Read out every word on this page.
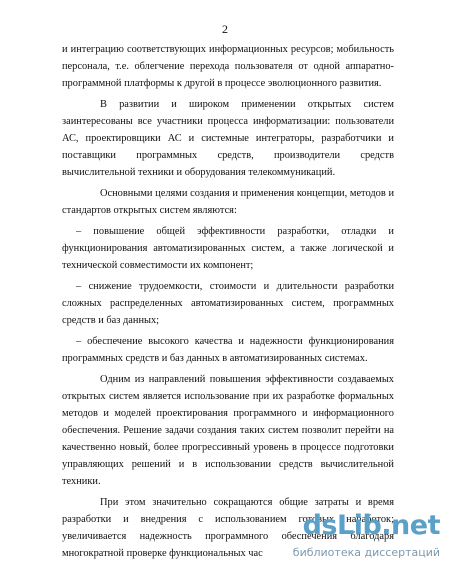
2
и интеграцию соответствующих информационных ресурсов; мобильность
персонала, т.е. облегчение перехода пользователя от одной аппаратно-
программной платформы к другой в процессе эволюционного развития.
В развитии и широком применении открытых систем
заинтересованы все участники процесса информатизации: пользователи
АС, проектировщики АС и системные интеграторы, разработчики и
поставщики программных средств, производители средств
вычислительной техники и оборудования телекоммуникаций.
Основными целями создания и применения концепции, методов и
стандартов открытых систем являются:
– повышение общей эффективности разработки, отладки и
функционирования автоматизированных систем, а также логической и
технической совместимости их компонент;
– снижение трудоемкости, стоимости и длительности разработки
сложных распределенных автоматизированных систем, программных
средств и баз данных;
– обеспечение высокого качества и надежности функционирования
программных средств и баз данных в автоматизированных системах.
Одним из направлений повышения эффективности создаваемых
открытых систем является использование при их разработке формальных
методов и моделей проектирования программного и информационного
обеспечения. Решение задачи создания таких систем позволит перейти на
качественно новый, более прогрессивный уровень в процессе подготовки
управляющих решений и в использовании средств вычислительной
техники.
При этом значительно сокращаются общие затраты и время
разработки и внедрения с использованием готовых наработок;
увеличивается надежность программного обеспечения благодаря
многократной проверке функциональных час
dsLib.net
библиотека диссертаций
